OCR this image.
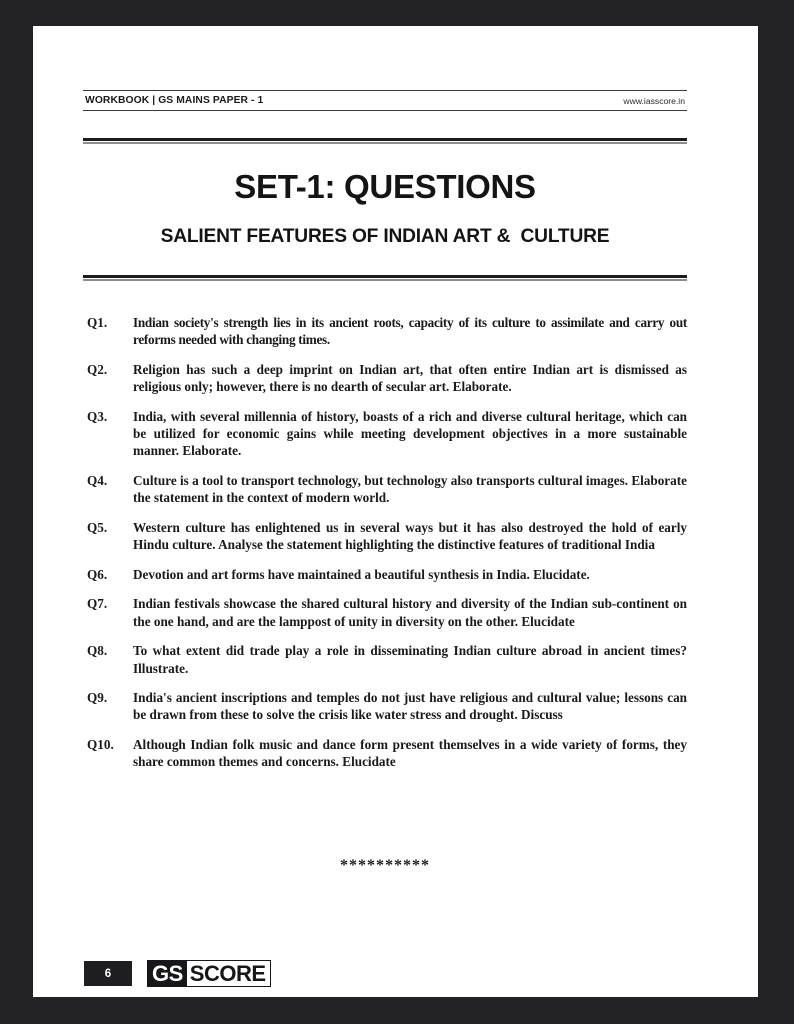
WORKBOOK | GS MAINS PAPER - 1	www.iasscore.in
SET-1: QUESTIONS
SALIENT FEATURES OF INDIAN ART &  CULTURE
Q1.	Indian society's strength lies in its ancient roots, capacity of its culture to assimilate and carry out reforms needed with changing times.
Q2.	Religion has such a deep imprint on Indian art, that often entire Indian art is dismissed as religious only; however, there is no dearth of secular art. Elaborate.
Q3.	India, with several millennia of history, boasts of a rich and diverse cultural heritage, which can be utilized for economic gains while meeting development objectives in a more sustainable manner. Elaborate.
Q4.	Culture is a tool to transport technology, but technology also transports cultural images. Elaborate the statement in the context of modern world.
Q5.	Western culture has enlightened us in several ways but it has also destroyed the hold of early Hindu culture. Analyse the statement highlighting the distinctive features of traditional India
Q6.	Devotion and art forms have maintained a beautiful synthesis in India. Elucidate.
Q7.	Indian festivals showcase the shared cultural history and diversity of the Indian sub-continent on the one hand, and are the lamppost of unity in diversity on the other. Elucidate
Q8.	To what extent did trade play a role in disseminating Indian culture abroad in ancient times? Illustrate.
Q9.	India's ancient inscriptions and temples do not just have religious and cultural value; lessons can be drawn from these to solve the crisis like water stress and drought. Discuss
Q10.	Although Indian folk music and dance form present themselves in a wide variety of forms, they share common themes and concerns. Elucidate
**********
6	GS SCORE
